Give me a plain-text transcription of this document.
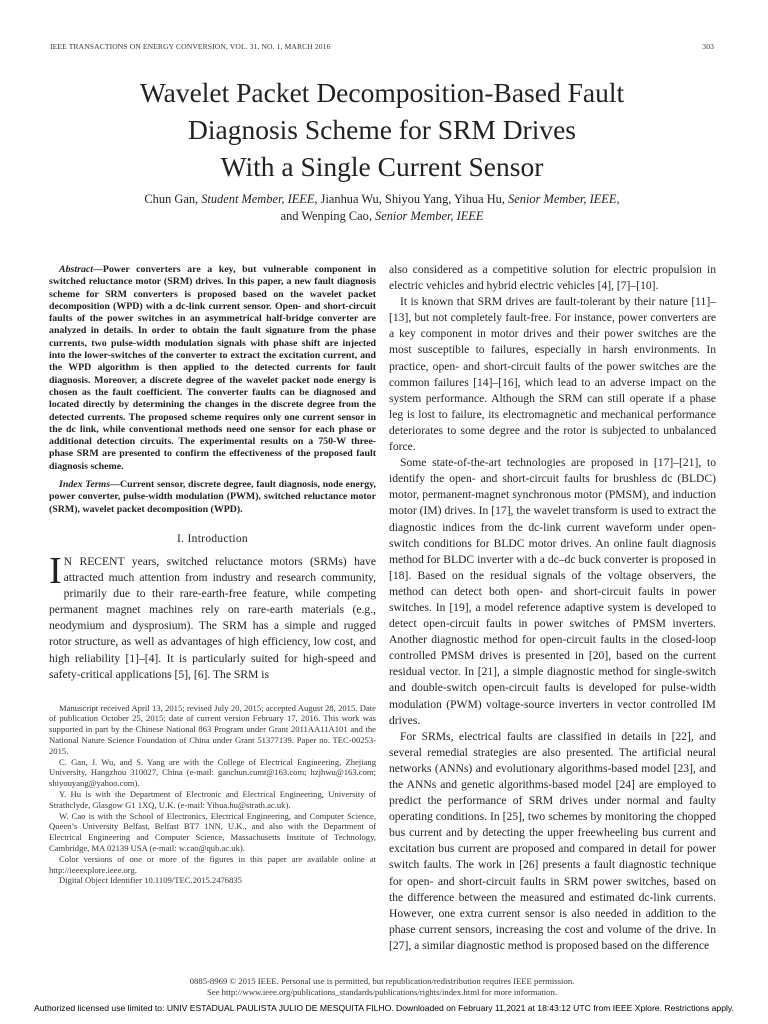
IEEE TRANSACTIONS ON ENERGY CONVERSION, VOL. 31, NO. 1, MARCH 2016	303
Wavelet Packet Decomposition-Based Fault
Diagnosis Scheme for SRM Drives
With a Single Current Sensor
Chun Gan, Student Member, IEEE, Jianhua Wu, Shiyou Yang, Yihua Hu, Senior Member, IEEE,
and Wenping Cao, Senior Member, IEEE

Abstract—Power converters are a key, but vulnerable component in switched reluctance motor (SRM) drives. In this paper, a new fault diagnosis scheme for SRM converters is proposed based on the wavelet packet decomposition (WPD) with a dc-link current sensor. Open- and short-circuit faults of the power switches in an asymmetrical half-bridge converter are analyzed in details. In order to obtain the fault signature from the phase currents, two pulse-width modulation signals with phase shift are injected into the lower-switches of the converter to extract the excitation current, and the WPD algorithm is then applied to the detected currents for fault diagnosis. Moreover, a discrete degree of the wavelet packet node energy is chosen as the fault coefficient. The converter faults can be diagnosed and located directly by determining the changes in the discrete degree from the detected currents. The proposed scheme requires only one current sensor in the dc link, while conventional methods need one sensor for each phase or additional detection circuits. The experimental results on a 750-W three-phase SRM are presented to confirm the effectiveness of the proposed fault diagnosis scheme.

Index Terms—Current sensor, discrete degree, fault diagnosis, node energy, power converter, pulse-width modulation (PWM), switched reluctance motor (SRM), wavelet packet decomposition (WPD).

I. Introduction

I N RECENT years, switched reluctance motors (SRMs) have attracted much attention from industry and research community, primarily due to their rare-earth-free feature, while competing permanent magnet machines rely on rare-earth materials (e.g., neodymium and dysprosium). The SRM has a simple and rugged rotor structure, as well as advantages of high efficiency, low cost, and high reliability [1]–[4]. It is particularly suited for high-speed and safety-critical applications [5], [6]. The SRM is

Manuscript received April 13, 2015; revised July 20, 2015; accepted August 28, 2015. Date of publication October 25, 2015; date of current version February 17, 2016. This work was supported in part by the Chinese National 863 Program under Grant 2011AA11A101 and the National Nature Science Foundation of China under Grant 51377139. Paper no. TEC-00253-2015.

C. Gan, J. Wu, and S. Yang are with the College of Electrical Engineering, Zhejiang University, Hangzhou 310027, China (e-mail: ganchun.cumt@163.com; hzjhwu@163.com; shiyouyang@yahoo.com).

Y. Hu is with the Department of Electronic and Electrical Engineering, University of Strathclyde, Glasgow G1 1XQ, U.K. (e-mail: Yihua.hu@strath.ac.uk).

W. Cao is with the School of Electronics, Electrical Engineering, and Computer Science, Queen’s University Belfast, Belfast BT7 1NN, U.K., and also with the Department of Electrical Engineering and Computer Science, Massachusetts Institute of Technology, Cambridge, MA 02139 USA (e-mail: w.cao@qub.ac.uk).

Color versions of one or more of the figures in this paper are available online at http://ieeexplore.ieee.org.

Digital Object Identifier 10.1109/TEC.2015.2476835

also considered as a competitive solution for electric propulsion in electric vehicles and hybrid electric vehicles [4], [7]–[10].

It is known that SRM drives are fault-tolerant by their nature [11]–[13], but not completely fault-free. For instance, power converters are a key component in motor drives and their power switches are the most susceptible to failures, especially in harsh environments. In practice, open- and short-circuit faults of the power switches are the common failures [14]–[16], which lead to an adverse impact on the system performance. Although the SRM can still operate if a phase leg is lost to failure, its electromagnetic and mechanical performance deteriorates to some degree and the rotor is subjected to unbalanced force.

Some state-of-the-art technologies are proposed in [17]–[21], to identify the open- and short-circuit faults for brushless dc (BLDC) motor, permanent-magnet synchronous motor (PMSM), and induction motor (IM) drives. In [17], the wavelet transform is used to extract the diagnostic indices from the dc-link current waveform under open-switch conditions for BLDC motor drives. An online fault diagnosis method for BLDC inverter with a dc–dc buck converter is proposed in [18]. Based on the residual signals of the voltage observers, the method can detect both open- and short-circuit faults in power switches. In [19], a model reference adaptive system is developed to detect open-circuit faults in power switches of PMSM inverters. Another diagnostic method for open-circuit faults in the closed-loop controlled PMSM drives is presented in [20], based on the current residual vector. In [21], a simple diagnostic method for single-switch and double-switch open-circuit faults is developed for pulse-width modulation (PWM) voltage-source inverters in vector controlled IM drives.

For SRMs, electrical faults are classified in details in [22], and several remedial strategies are also presented. The artificial neural networks (ANNs) and evolutionary algorithms-based model [23], and the ANNs and genetic algorithms-based model [24] are employed to predict the performance of SRM drives under normal and faulty operating conditions. In [25], two schemes by monitoring the chopped bus current and by detecting the upper freewheeling bus current and excitation bus current are proposed and compared in detail for power switch faults. The work in [26] presents a fault diagnostic technique for open- and short-circuit faults in SRM power switches, based on the difference between the measured and estimated dc-link currents. However, one extra current sensor is also needed in addition to the phase current sensors, increasing the cost and volume of the drive. In [27], a similar diagnostic method is proposed based on the difference

0885-8969 © 2015 IEEE. Personal use is permitted, but republication/redistribution requires IEEE permission.
See http://www.ieee.org/publications_standards/publications/rights/index.html for more information.
Authorized licensed use limited to: UNIV ESTADUAL PAULISTA JULIO DE MESQUITA FILHO. Downloaded on February 11,2021 at 18:43:12 UTC from IEEE Xplore. Restrictions apply.
